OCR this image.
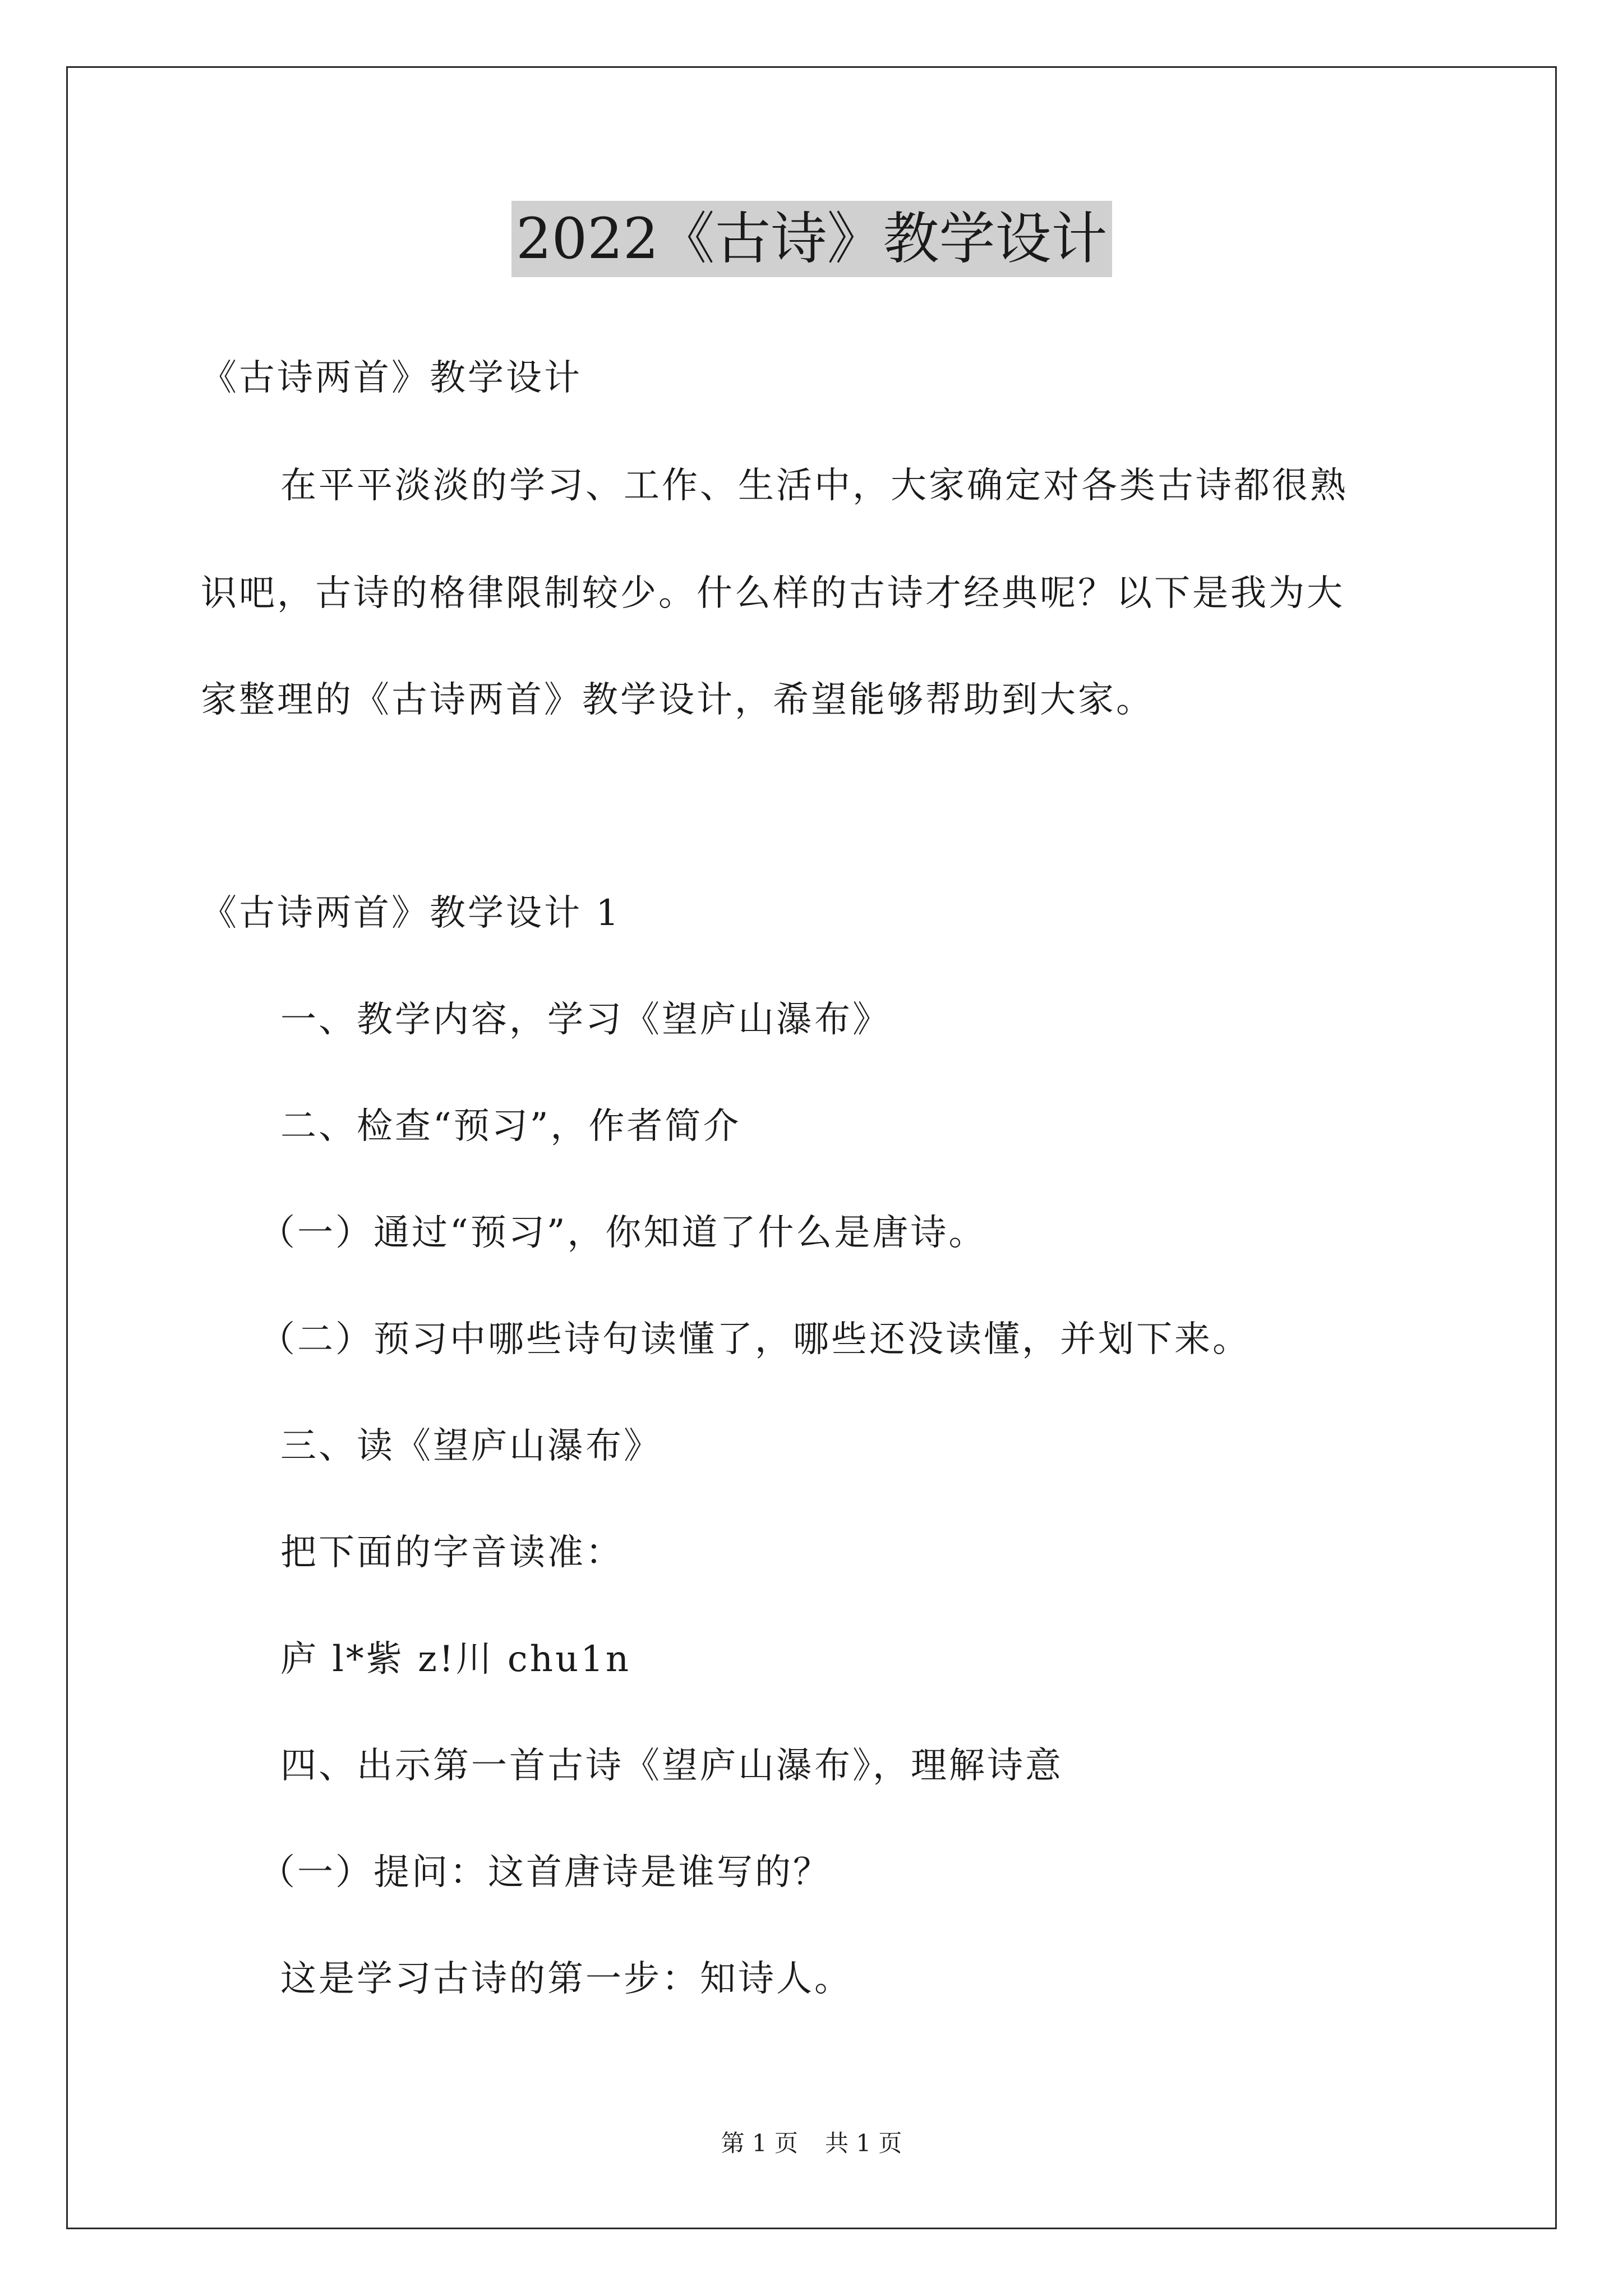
2022《古诗》教学设计
《古诗两首》教学设计
在平平淡淡的学习、工作、生活中，大家确定对各类古诗都很熟
识吧，古诗的格律限制较少。什么样的古诗才经典呢？以下是我为大
家整理的《古诗两首》教学设计，希望能够帮助到大家。
《古诗两首》教学设计 1
一、教学内容，学习《望庐山瀑布》
二、检查“预习”，作者简介
（一）通过“预习”，你知道了什么是唐诗。
（二）预习中哪些诗句读懂了，哪些还没读懂，并划下来。
三、读《望庐山瀑布》
把下面的字音读准：
庐 l*紫 z!川 chu1n
四、出示第一首古诗《望庐山瀑布》，理解诗意
（一）提问：这首唐诗是谁写的？
这是学习古诗的第一步：知诗人。
第 1 页 共 1 页
